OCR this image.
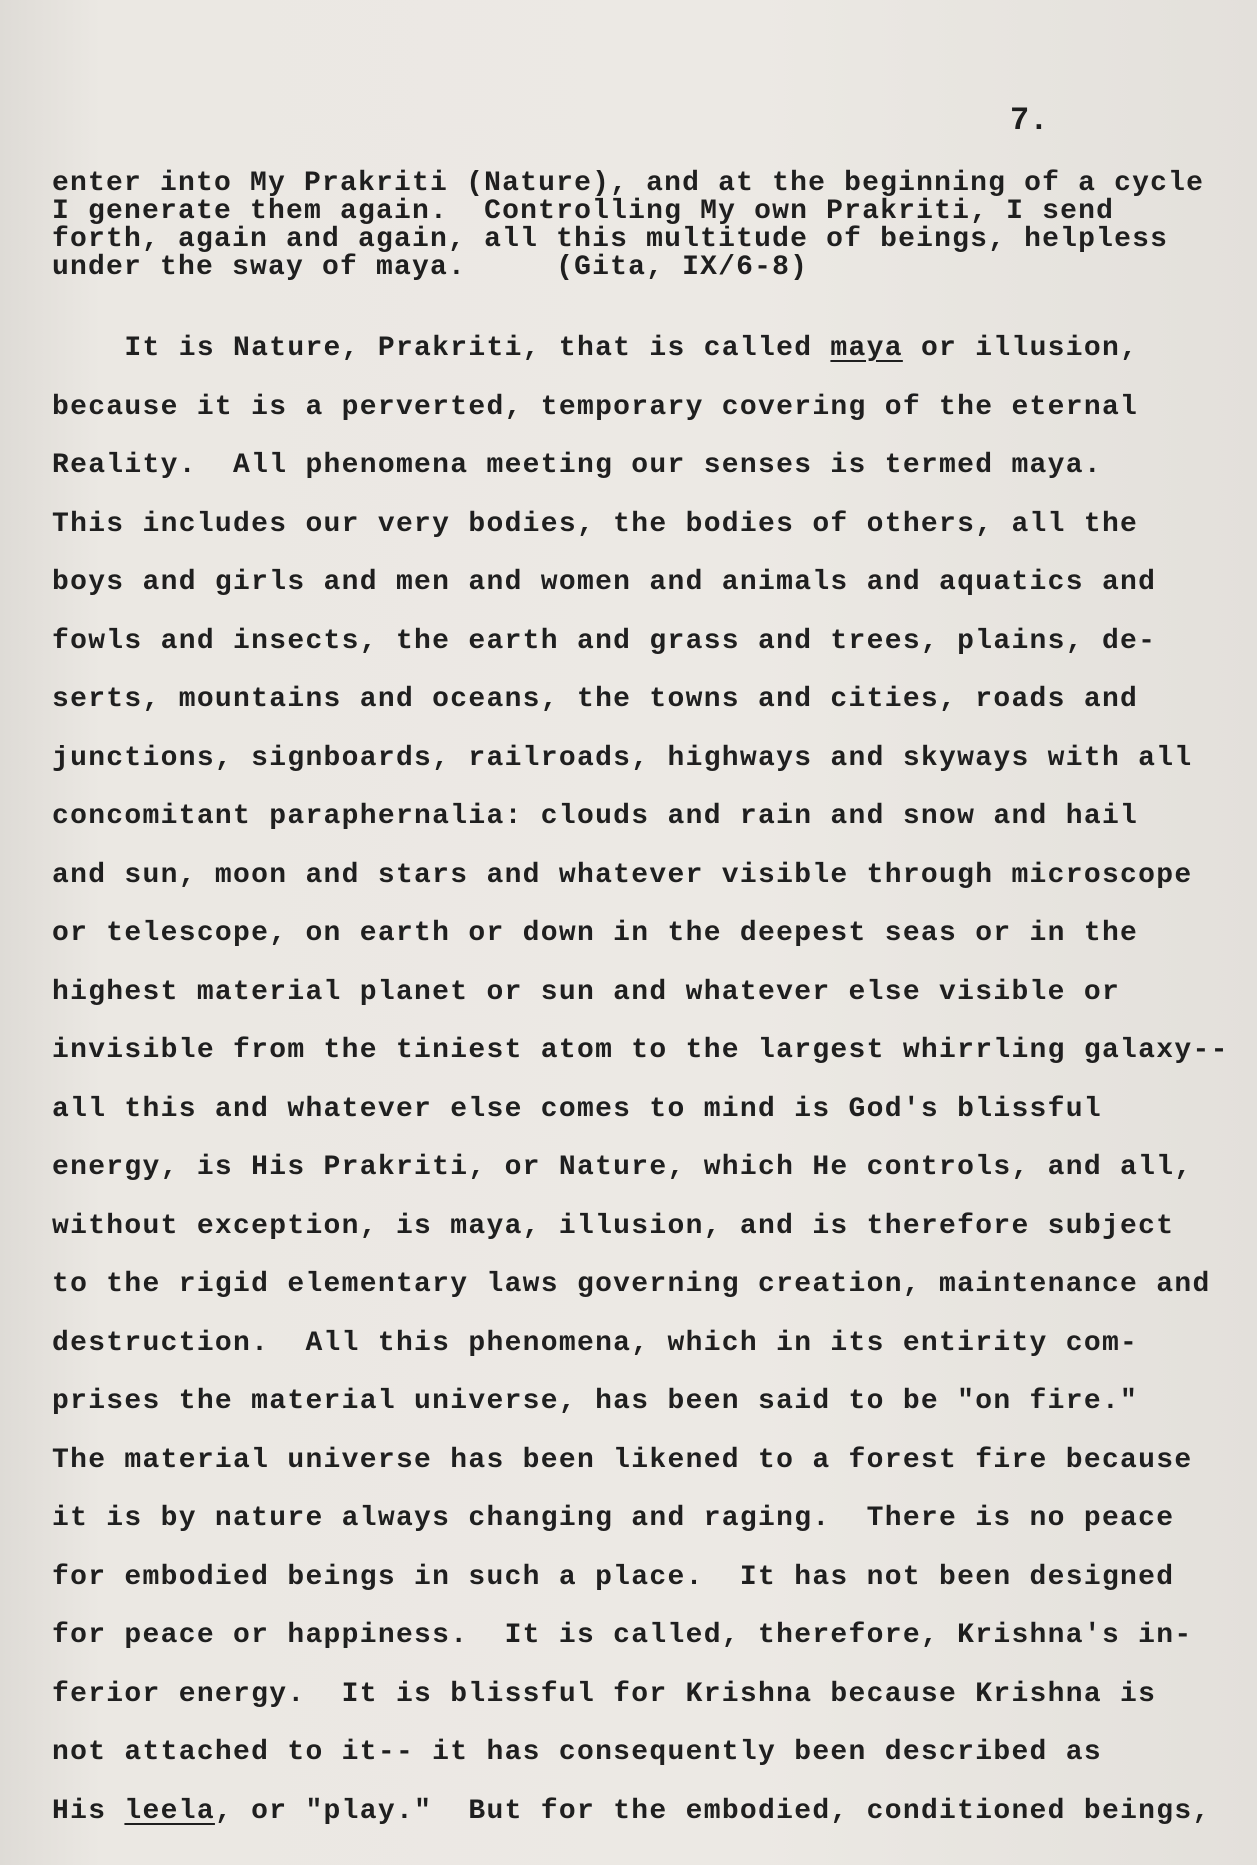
7.
enter into My Prakriti (Nature), and at the beginning of a cycle
I generate them again.  Controlling My own Prakriti, I send
forth, again and again, all this multitude of beings, helpless
under the sway of maya.     (Gita, IX/6-8)
It is Nature, Prakriti, that is called maya or illusion,
because it is a perverted, temporary covering of the eternal
Reality.  All phenomena meeting our senses is termed maya.
This includes our very bodies, the bodies of others, all the
boys and girls and men and women and animals and aquatics and
fowls and insects, the earth and grass and trees, plains, de-
serts, mountains and oceans, the towns and cities, roads and
junctions, signboards, railroads, highways and skyways with all
concomitant paraphernalia: clouds and rain and snow and hail
and sun, moon and stars and whatever visible through microscope
or telescope, on earth or down in the deepest seas or in the
highest material planet or sun and whatever else visible or
invisible from the tiniest atom to the largest whirrling galaxy--
all this and whatever else comes to mind is God's blissful
energy, is His Prakriti, or Nature, which He controls, and all,
without exception, is maya, illusion, and is therefore subject
to the rigid elementary laws governing creation, maintenance and
destruction.  All this phenomena, which in its entirity com-
prises the material universe, has been said to be "on fire."
The material universe has been likened to a forest fire because
it is by nature always changing and raging.  There is no peace
for embodied beings in such a place.  It has not been designed
for peace or happiness.  It is called, therefore, Krishna's in-
ferior energy.  It is blissful for Krishna because Krishna is
not attached to it-- it has consequently been described as
His leela, or "play."  But for the embodied, conditioned beings,
